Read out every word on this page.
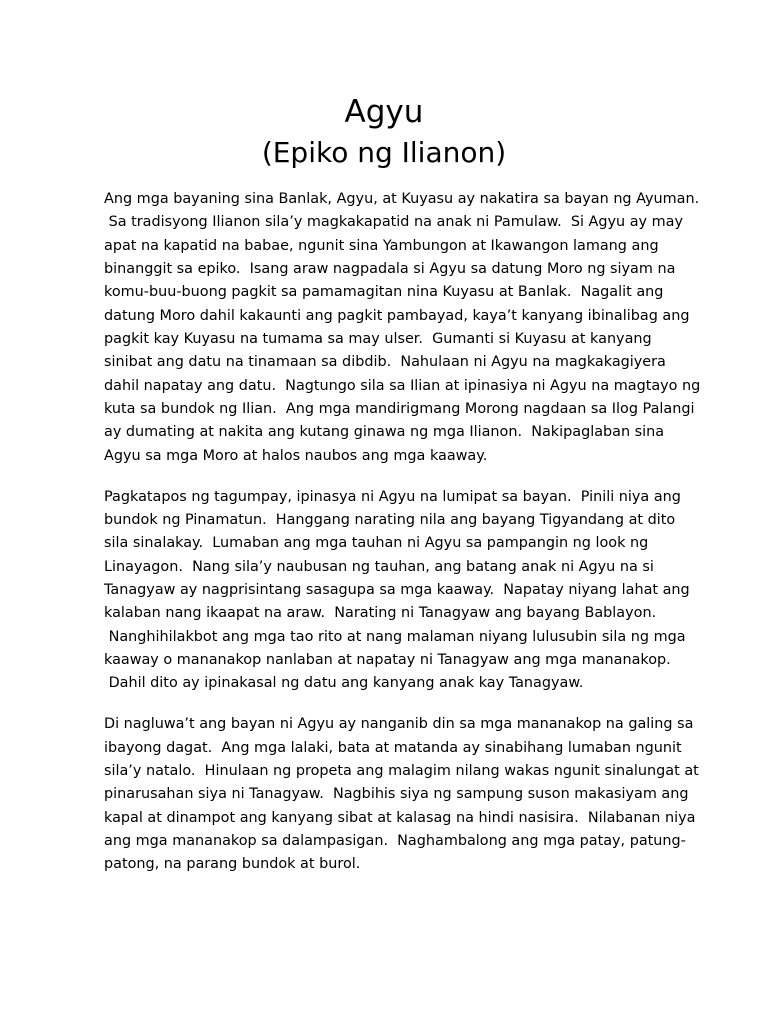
Agyu
(Epiko ng Ilianon)

Ang mga bayaning sina Banlak, Agyu, at Kuyasu ay nakatira sa bayan ng Ayuman.
Sa tradisyong Ilianon sila’y magkakapatid na anak ni Pamulaw.  Si Agyu ay may
apat na kapatid na babae, ngunit sina Yambungon at Ikawangon lamang ang
binanggit sa epiko.  Isang araw nagpadala si Agyu sa datung Moro ng siyam na
komu-buu-buong pagkit sa pamamagitan nina Kuyasu at Banlak.  Nagalit ang
datung Moro dahil kakaunti ang pagkit pambayad, kaya’t kanyang ibinalibag ang
pagkit kay Kuyasu na tumama sa may ulser.  Gumanti si Kuyasu at kanyang
sinibat ang datu na tinamaan sa dibdib.  Nahulaan ni Agyu na magkakagiyera
dahil napatay ang datu.  Nagtungo sila sa Ilian at ipinasiya ni Agyu na magtayo ng
kuta sa bundok ng Ilian.  Ang mga mandirigmang Morong nagdaan sa Ilog Palangi
ay dumating at nakita ang kutang ginawa ng mga Ilianon.  Nakipaglaban sina
Agyu sa mga Moro at halos naubos ang mga kaaway.

Pagkatapos ng tagumpay, ipinasya ni Agyu na lumipat sa bayan.  Pinili niya ang
bundok ng Pinamatun.  Hanggang narating nila ang bayang Tigyandang at dito
sila sinalakay.  Lumaban ang mga tauhan ni Agyu sa pampangin ng look ng
Linayagon.  Nang sila’y naubusan ng tauhan, ang batang anak ni Agyu na si
Tanagyaw ay nagprisintang sasagupa sa mga kaaway.  Napatay niyang lahat ang
kalaban nang ikaapat na araw.  Narating ni Tanagyaw ang bayang Bablayon.
Nanghihilakbot ang mga tao rito at nang malaman niyang lulusubin sila ng mga
kaaway o mananakop nanlaban at napatay ni Tanagyaw ang mga mananakop.
Dahil dito ay ipinakasal ng datu ang kanyang anak kay Tanagyaw.

Di nagluwa’t ang bayan ni Agyu ay nanganib din sa mga mananakop na galing sa
ibayong dagat.  Ang mga lalaki, bata at matanda ay sinabihang lumaban ngunit
sila’y natalo.  Hinulaan ng propeta ang malagim nilang wakas ngunit sinalungat at
pinarusahan siya ni Tanagyaw.  Nagbihis siya ng sampung suson makasiyam ang
kapal at dinampot ang kanyang sibat at kalasag na hindi nasisira.  Nilabanan niya
ang mga mananakop sa dalampasigan.  Naghambalong ang mga patay, patung-
patong, na parang bundok at burol.
